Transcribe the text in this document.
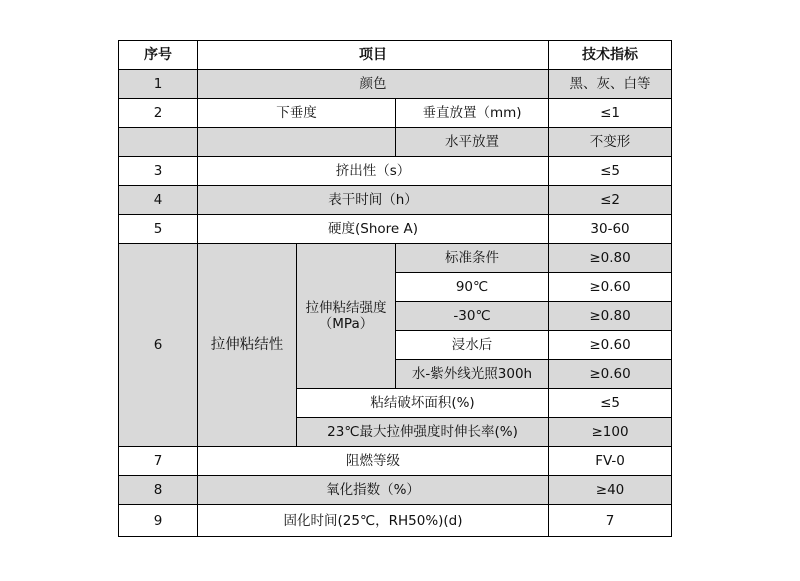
序号	项目			技术指标
1	颜色			黑、灰、白等
2	下垂度		垂直放置（mm)	≤1
			水平放置	不变形
3	挤出性（s）			≤5
4	表干时间（h）			≤2
5	硬度(Shore A)			30-60
6	拉伸粘结性	拉伸粘结强度（MPa）	标准条件	≥0.80
			90℃	≥0.60
			-30℃	≥0.80
			浸水后	≥0.60
			水-紫外线光照300h	≥0.60
		粘结破坏面积(%)		≤5
		23℃最大拉伸强度时伸长率(%)		≥100
7	阻燃等级			FV-0
8	氧化指数（%）			≥40
9	固化时间(25℃，RH50%)(d)			7
